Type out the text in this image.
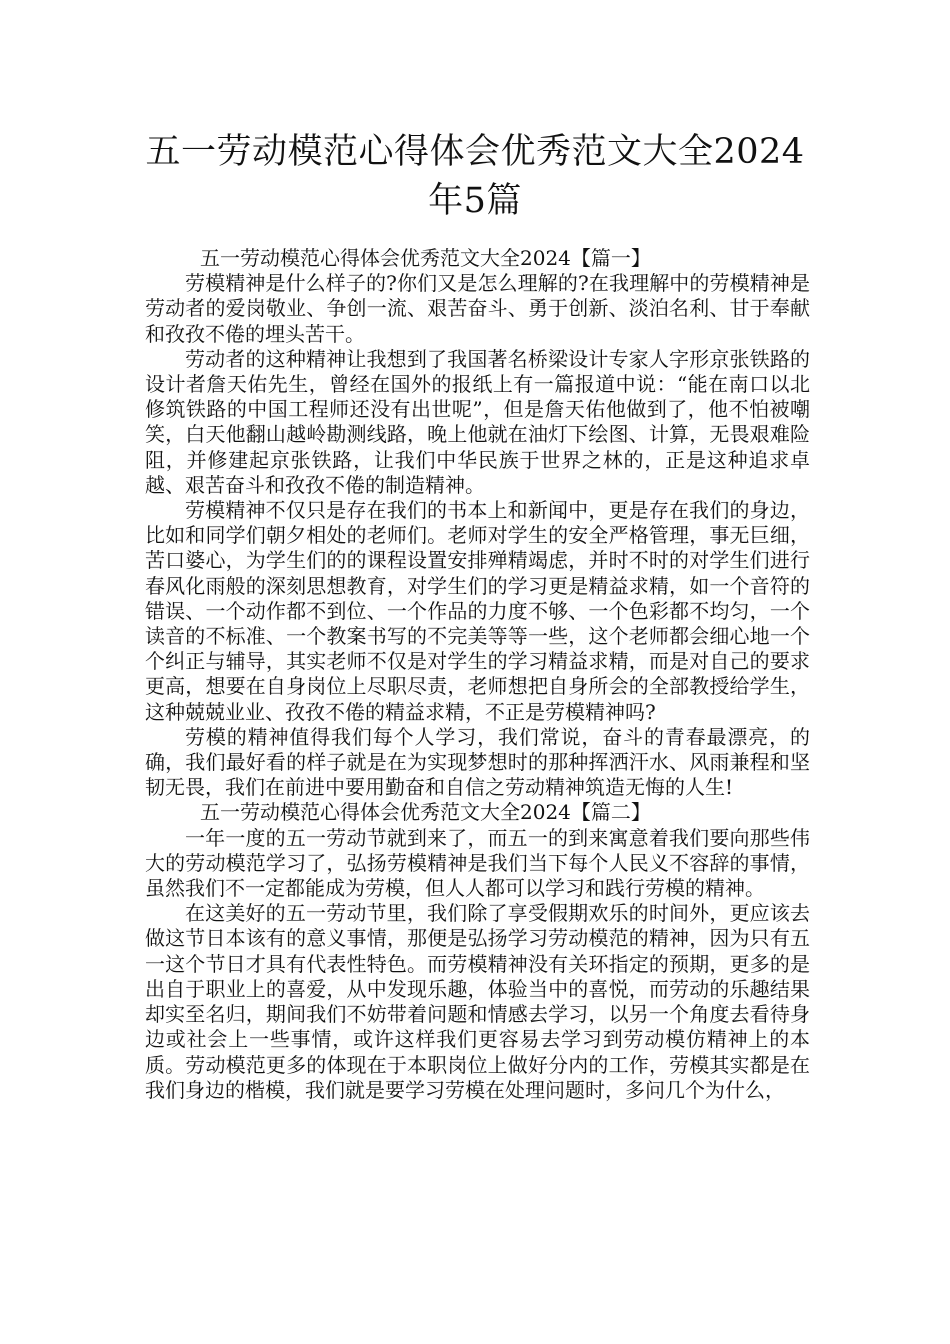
五一劳动模范心得体会优秀范文大全2024
年5篇

五一劳动模范心得体会优秀范文大全2024【篇一】

劳模精神是什么样子的?你们又是怎么理解的?在我理解中的劳模精神是劳动者的爱岗敬业、争创一流、艰苦奋斗、勇于创新、淡泊名利、甘于奉献和孜孜不倦的埋头苦干。

劳动者的这种精神让我想到了我国著名桥梁设计专家人字形京张铁路的设计者詹天佑先生，曾经在国外的报纸上有一篇报道中说：“能在南口以北修筑铁路的中国工程师还没有出世呢”，但是詹天佑他做到了，他不怕被嘲笑，白天他翻山越岭勘测线路，晚上他就在油灯下绘图、计算，无畏艰难险阻，并修建起京张铁路，让我们中华民族于世界之林的，正是这种追求卓越、艰苦奋斗和孜孜不倦的制造精神。

劳模精神不仅只是存在我们的书本上和新闻中，更是存在我们的身边，比如和同学们朝夕相处的老师们。老师对学生的安全严格管理，事无巨细，苦口婆心，为学生们的的课程设置安排殚精竭虑，并时不时的对学生们进行春风化雨般的深刻思想教育，对学生们的学习更是精益求精，如一个音符的错误、一个动作都不到位、一个作品的力度不够、一个色彩都不均匀，一个读音的不标准、一个教案书写的不完美等等一些，这个老师都会细心地一个个纠正与辅导，其实老师不仅是对学生的学习精益求精，而是对自己的要求更高，想要在自身岗位上尽职尽责，老师想把自身所会的全部教授给学生，这种兢兢业业、孜孜不倦的精益求精，不正是劳模精神吗?

劳模的精神值得我们每个人学习，我们常说，奋斗的青春最漂亮，的确，我们最好看的样子就是在为实现梦想时的那种挥洒汗水、风雨兼程和坚韧无畏，我们在前进中要用勤奋和自信之劳动精神筑造无悔的人生!

五一劳动模范心得体会优秀范文大全2024【篇二】

一年一度的五一劳动节就到来了，而五一的到来寓意着我们要向那些伟大的劳动模范学习了，弘扬劳模精神是我们当下每个人民义不容辞的事情，虽然我们不一定都能成为劳模，但人人都可以学习和践行劳模的精神。

在这美好的五一劳动节里，我们除了享受假期欢乐的时间外，更应该去做这节日本该有的意义事情，那便是弘扬学习劳动模范的精神，因为只有五一这个节日才具有代表性特色。而劳模精神没有关环指定的预期，更多的是出自于职业上的喜爱，从中发现乐趣，体验当中的喜悦，而劳动的乐趣结果却实至名归，期间我们不妨带着问题和情感去学习，以另一个角度去看待身边或社会上一些事情，或许这样我们更容易去学习到劳动模仿精神上的本质。劳动模范更多的体现在于本职岗位上做好分内的工作，劳模其实都是在我们身边的楷模，我们就是要学习劳模在处理问题时，多问几个为什么，
